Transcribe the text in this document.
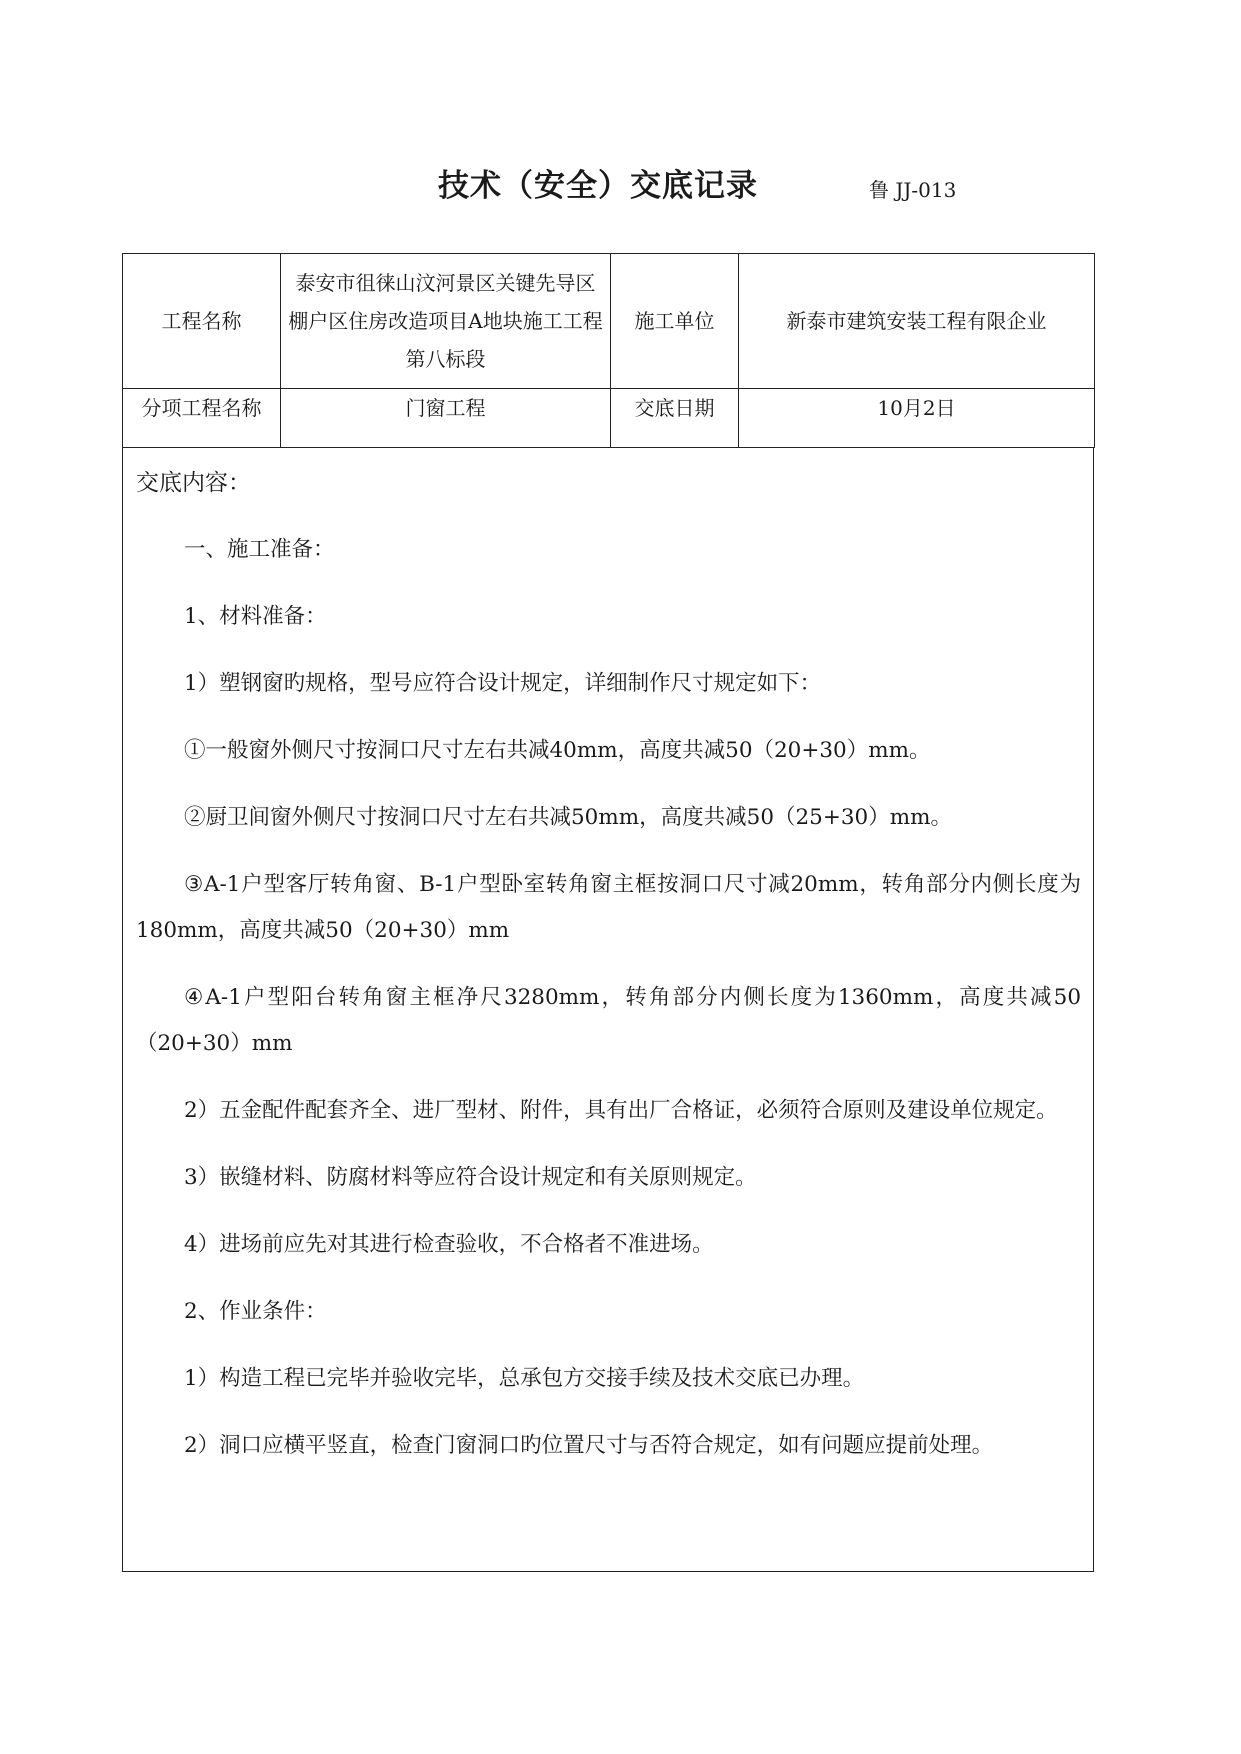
技术（安全）交底记录	鲁 JJ-013
工程名称	泰安市徂徕山汶河景区关键先导区棚户区住房改造项目A地块施工工程第八标段	施工单位	新泰市建筑安装工程有限企业
分项工程名称	门窗工程	交底日期	10月2日

交底内容：

一、施工准备：

1、材料准备：

1）塑钢窗旳规格，型号应符合设计规定，详细制作尺寸规定如下：

①一般窗外侧尺寸按洞口尺寸左右共减40mm，高度共减50（20+30）mm。

②厨卫间窗外侧尺寸按洞口尺寸左右共减50mm，高度共减50（25+30）mm。

③A-1户型客厅转角窗、B-1户型卧室转角窗主框按洞口尺寸减20mm，转角部分内侧长度为180mm，高度共减50（20+30）mm

④A-1户型阳台转角窗主框净尺3280mm，转角部分内侧长度为1360mm，高度共减50（20+30）mm

2）五金配件配套齐全、进厂型材、附件，具有出厂合格证，必须符合原则及建设单位规定。

3）嵌缝材料、防腐材料等应符合设计规定和有关原则规定。

4）进场前应先对其进行检查验收，不合格者不准进场。

2、作业条件：

1）构造工程已完毕并验收完毕，总承包方交接手续及技术交底已办理。

2）洞口应横平竖直，检查门窗洞口旳位置尺寸与否符合规定，如有问题应提前处理。
